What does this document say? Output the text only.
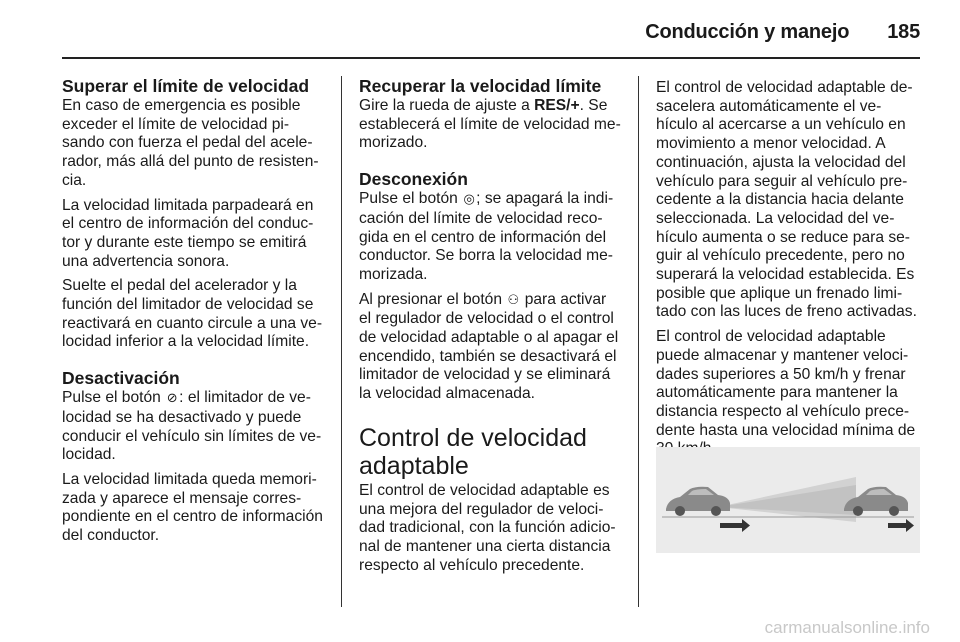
Conducción y manejo 185
Superar el límite de velocidad

En caso de emergencia es posible exceder el límite de velocidad pi-sando con fuerza el pedal del acele-rador, más allá del punto de resisten-cia.

La velocidad limitada parpadeará en el centro de información del conduc-tor y durante este tiempo se emitirá una advertencia sonora.

Suelte el pedal del acelerador y la función del limitador de velocidad se reactivará en cuanto circule a una ve-locidad inferior a la velocidad límite.

Desactivación

Pulse el botón ⊘: el limitador de ve-locidad se ha desactivado y puede conducir el vehículo sin límites de ve-locidad.

La velocidad limitada queda memori-zada y aparece el mensaje corres-pondiente en el centro de información del conductor.

Recuperar la velocidad límite

Gire la rueda de ajuste a RES/+. Se establecerá el límite de velocidad me-morizado.

Desconexión

Pulse el botón ◎; se apagará la indi-cación del límite de velocidad reco-gida en el centro de información del conductor. Se borra la velocidad me-morizada.

Al presionar el botón ⚇ para activar el regulador de velocidad o el control de velocidad adaptable o al apagar el encendido, también se desactivará el limitador de velocidad y se eliminará la velocidad almacenada.

Control de velocidad adaptable

El control de velocidad adaptable es una mejora del regulador de veloci-dad tradicional, con la función adicio-nal de mantener una cierta distancia respecto al vehículo precedente.

El control de velocidad adaptable de-sacelera automáticamente el ve-hículo al acercarse a un vehículo en movimiento a menor velocidad. A continuación, ajusta la velocidad del vehículo para seguir al vehículo pre-cedente a la distancia hacia delante seleccionada. La velocidad del ve-hículo aumenta o se reduce para se-guir al vehículo precedente, pero no superará la velocidad establecida. Es posible que aplique un frenado limi-tado con las luces de freno activadas.

El control de velocidad adaptable puede almacenar y mantener veloci-dades superiores a 50 km/h y frenar automáticamente para mantener la distancia respecto al vehículo prece-dente hasta una velocidad mínima de

carmanualsonline.info
